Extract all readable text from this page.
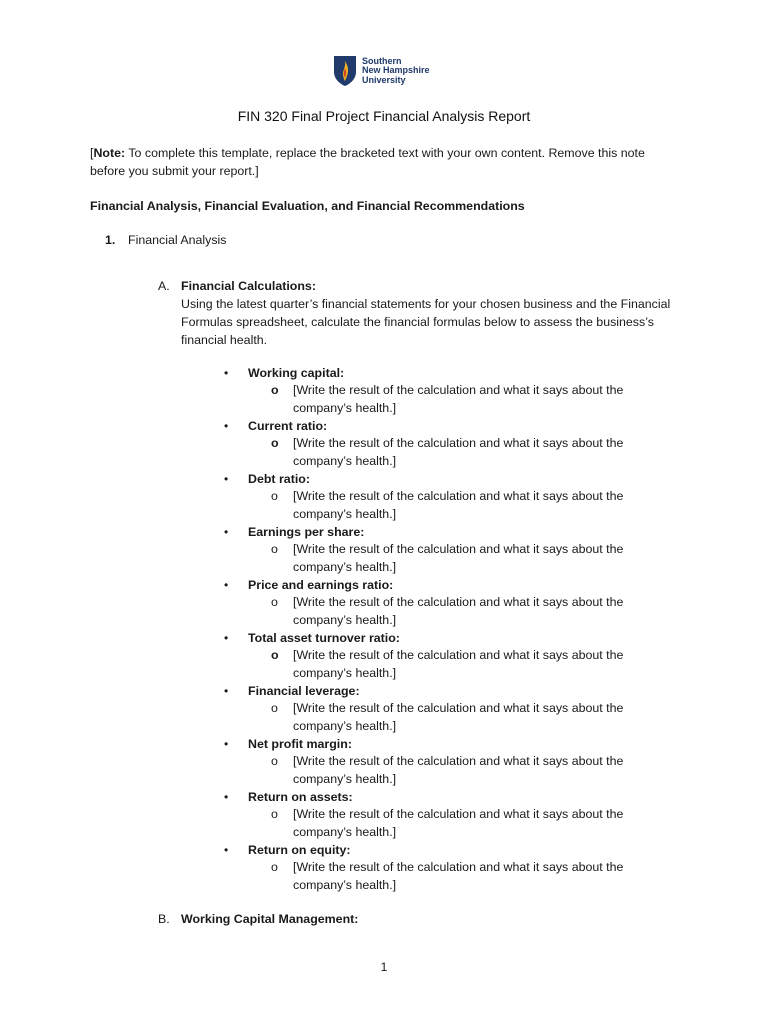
Southern
New Hampshire
University
FIN 320 Final Project Financial Analysis Report
[Note: To complete this template, replace the bracketed text with your own content. Remove this note before you submit your report.]
Financial Analysis, Financial Evaluation, and Financial Recommendations
1. Financial Analysis
A. Financial Calculations:
Using the latest quarter’s financial statements for your chosen business and the Financial Formulas spreadsheet, calculate the financial formulas below to assess the business’s financial health.
• Working capital:
o [Write the result of the calculation and what it says about the company’s health.]
• Current ratio:
o [Write the result of the calculation and what it says about the company’s health.]
• Debt ratio:
o [Write the result of the calculation and what it says about the company’s health.]
• Earnings per share:
o [Write the result of the calculation and what it says about the company’s health.]
• Price and earnings ratio:
o [Write the result of the calculation and what it says about the company’s health.]
• Total asset turnover ratio:
o [Write the result of the calculation and what it says about the company’s health.]
• Financial leverage:
o [Write the result of the calculation and what it says about the company’s health.]
• Net profit margin:
o [Write the result of the calculation and what it says about the company’s health.]
• Return on assets:
o [Write the result of the calculation and what it says about the company’s health.]
• Return on equity:
o [Write the result of the calculation and what it says about the company’s health.]
B. Working Capital Management:
1
